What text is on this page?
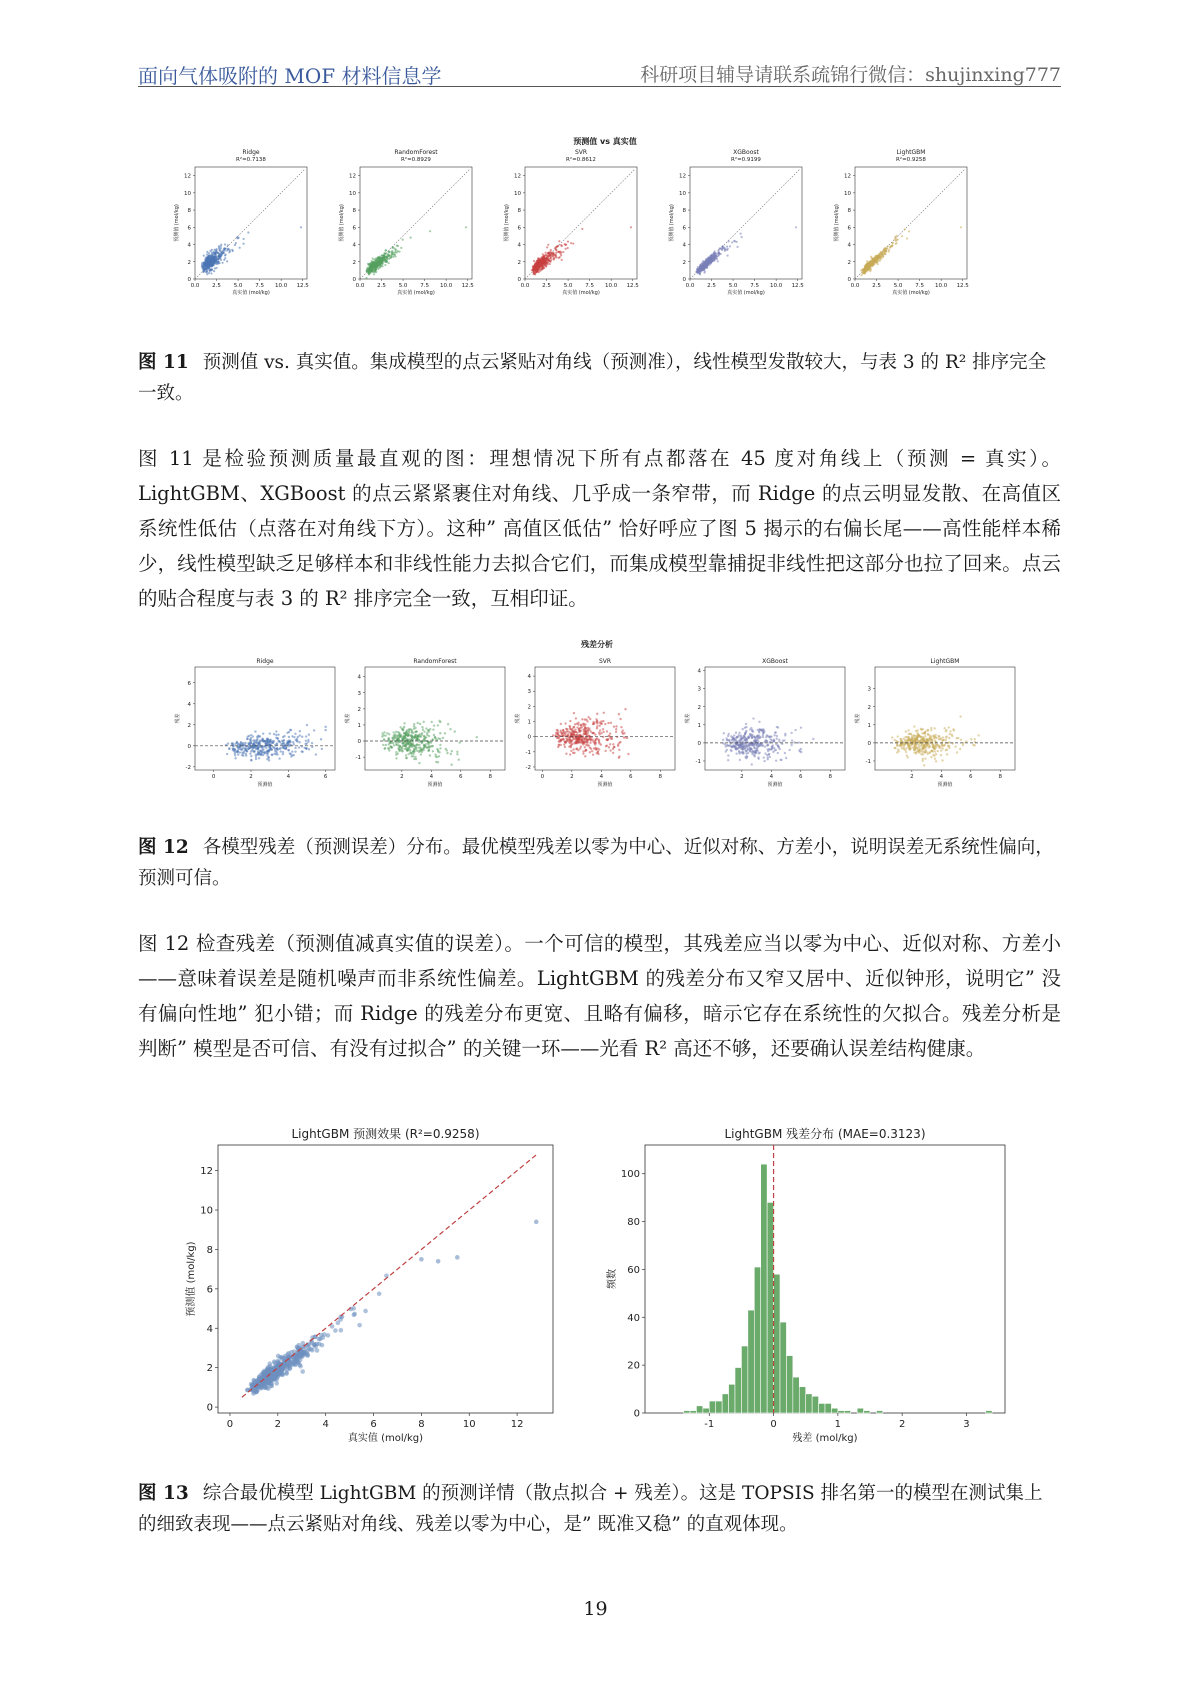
面向气体吸附的 MOF 材料信息学	科研项目辅导请联系疏锦行微信：shujinxing777
预测值 vs 真实值
Ridge
R²=0.7138
0.0 2.5 5.0 7.5 10.0 12.5
0
2
4
6
8
10
12
真实值 (mol/kg)
预测值 (mol/kg)
RandomForest
R²=0.8929
0.0 2.5 5.0 7.5 10.0 12.5
0
2
4
6
8
10
12
真实值 (mol/kg)
预测值 (mol/kg)
SVR
R²=0.8612
0.0 2.5 5.0 7.5 10.0 12.5
0
2
4
6
8
10
12
真实值 (mol/kg)
预测值 (mol/kg)
XGBoost
R²=0.9199
0.0 2.5 5.0 7.5 10.0 12.5
0
2
4
6
8
10
12
真实值 (mol/kg)
预测值 (mol/kg)
LightGBM
R²=0.9258
0.0 2.5 5.0 7.5 10.0 12.5
0
2
4
6
8
10
12
真实值 (mol/kg)
预测值 (mol/kg)
图 11 预测值 vs. 真实值。集成模型的点云紧贴对角线（预测准），线性模型发散较大，与表 3 的 R² 排序完全一致。
图 11 是检验预测质量最直观的图：理想情况下所有点都落在 45 度对角线上（预测 = 真实）。LightGBM、XGBoost 的点云紧紧裹住对角线、几乎成一条窄带，而 Ridge 的点云明显发散、在高值区系统性低估（点落在对角线下方）。这种” 高值区低估” 恰好呼应了图 5 揭示的右偏长尾——高性能样本稀少，线性模型缺乏足够样本和非线性能力去拟合它们，而集成模型靠捕捉非线性把这部分也拉了回来。点云的贴合程度与表 3 的 R² 排序完全一致，互相印证。
残差分析
Ridge
0	2	4	6
-2
0
2
4
6
预测值
残差
RandomForest
2	4	6	8
-1
0
1
2
3
4
预测值
残差
SVR
0	2	4	6	8
-2
-1
0
1
2
3
4
预测值
残差
XGBoost
2	4	6	8
-1
0
1
2
3
4
预测值
残差
LightGBM
2	4	6	8
-1
0
1
2
3
预测值
残差
图 12 各模型残差（预测误差）分布。最优模型残差以零为中心、近似对称、方差小，说明误差无系统性偏向，预测可信。
图 12 检查残差（预测值减真实值的误差）。一个可信的模型，其残差应当以零为中心、近似对称、方差小——意味着误差是随机噪声而非系统性偏差。LightGBM 的残差分布又窄又居中、近似钟形，说明它” 没有偏向性地” 犯小错；而 Ridge 的残差分布更宽、且略有偏移，暗示它存在系统性的欠拟合。残差分析是判断” 模型是否可信、有没有过拟合” 的关键一环——光看 R² 高还不够，还要确认误差结构健康。
LightGBM 预测效果 (R²=0.9258)
0	2	4	6	8	10	12
0
2
4
6
8
10
12
真实值 (mol/kg)
预测值 (mol/kg)
LightGBM 残差分布 (MAE=0.3123)
-1	0	1	2	3
0
20
40
60
80
100
残差 (mol/kg)
频数
图 13 综合最优模型 LightGBM 的预测详情（散点拟合 + 残差）。这是 TOPSIS 排名第一的模型在测试集上的细致表现——点云紧贴对角线、残差以零为中心，是” 既准又稳” 的直观体现。
19
